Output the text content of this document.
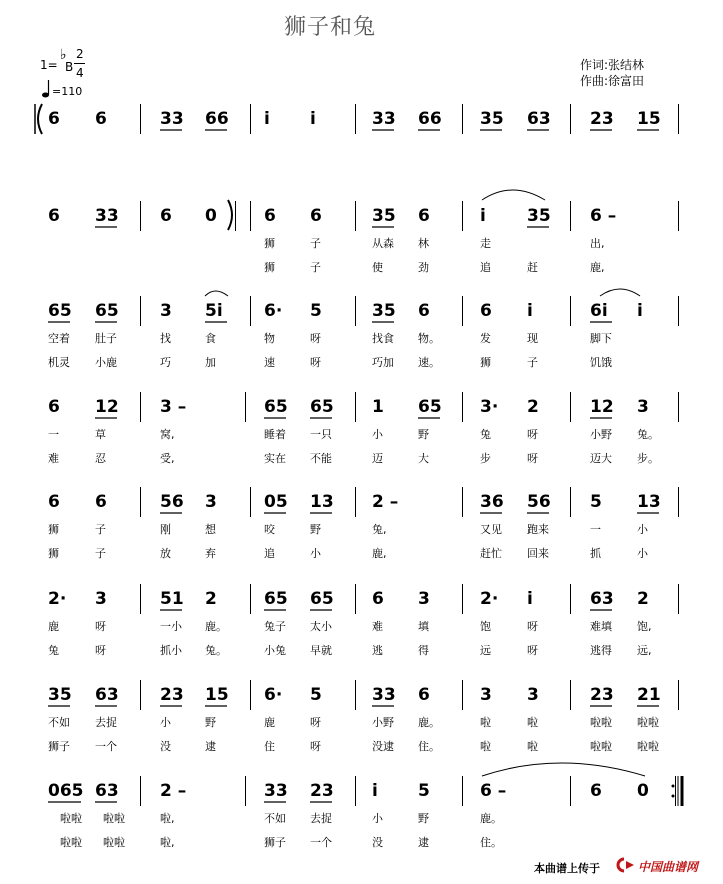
狮子和兔
1=
♭
B
2
4
=110
作词:张结林
作曲:徐富田
6 6	33 66 i i	33 66 35 63 23 15
6 33 6 0	6 6	35 6	i 35 6 –
狮	子	从森 林	走	出,
狮	子	使	劲	追	赶	鹿,
65 65 3 5i 6· 5	35 6	6 i	6i i
空着 肚子	找	食	物	呀	找食 物。	发	现	脚下
机灵 小鹿	巧	加	速	呀	巧加 速。	狮	子	饥饿
6 12 3 –	65 65 1 65 3· 2	12 3
一	草	窝,	睡着 一只	小	野	兔	呀	小野 兔。
难	忍	受,	实在 不能	迈	大	步	呀	迈大 步。
6 6	56 3	05 13 2 –	36 56 5 13
狮	子	刚	想	咬	野	兔,	又见 跑来	一	小
狮	子	放	弃	追	小	鹿,	赶忙 回来	抓	小
2· 3	51 2	65 65 6 3	2· i	63 2
鹿	呀	一小 鹿。	兔子 太小	难	填	饱	呀	难填 饱,
兔	呀	抓小 兔。	小兔 早就	逃	得	远	呀	逃得 远,
35 63 23 15 6· 5	33 6	3 3	23 21
不如 去捉	小	野	鹿	呀	小野 鹿。	啦	啦	啦啦 啦啦
狮子 一个	没	逮	住	呀	没逮 住。	啦	啦	啦啦 啦啦
065 63 2 –	33 23 i 5	6 –	6 0
啦啦 啦啦	啦,	不如 去捉	小	野	鹿。
啦啦 啦啦	啦,	狮子 一个	没	逮	住。
本曲谱上传于	中国曲谱网
